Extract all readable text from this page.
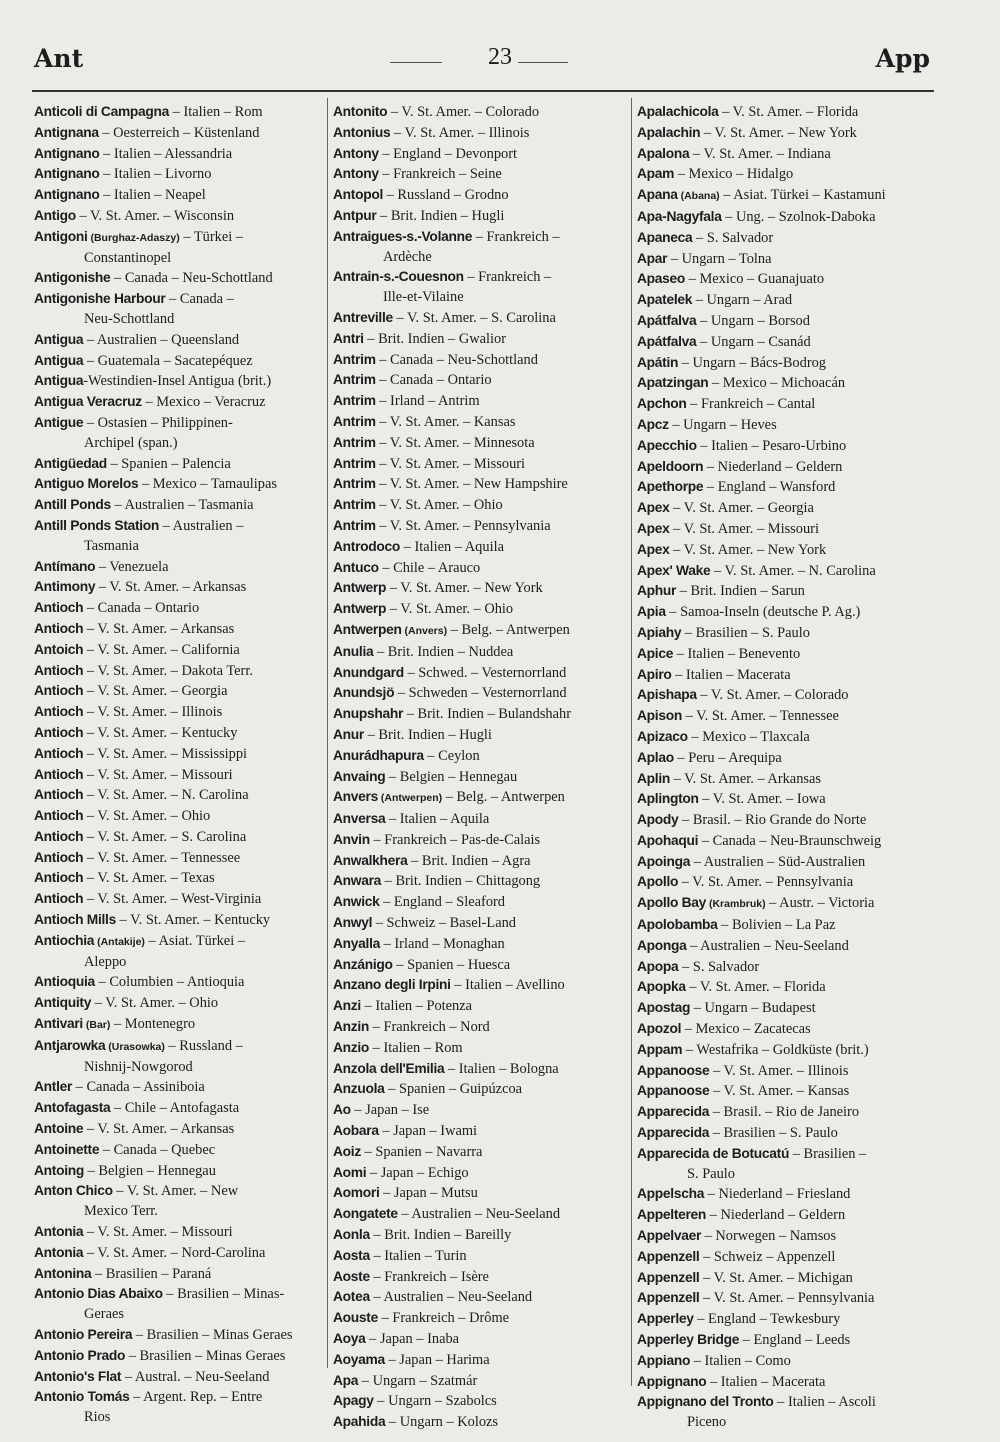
Ant	23	App
Anticoli di Campagna – Italien – Rom
Antignana – Oesterreich – Küstenland
Antignano – Italien – Alessandria
Antignano – Italien – Livorno
Antignano – Italien – Neapel
Antigo – V. St. Amer. – Wisconsin
Antigoni (Burghaz-Adaszy) – Türkei –
Constantinopel
Antigonishe – Canada – Neu-Schottland
Antigonishe Harbour – Canada –
Neu-Schottland
Antigua – Australien – Queensland
Antigua – Guatemala – Sacatepéquez
Antigua-Westindien-Insel Antigua (brit.)
Antigua Veracruz – Mexico – Veracruz
Antigue – Ostasien – Philippinen-
Archipel (span.)
Antigüedad – Spanien – Palencia
Antiguo Morelos – Mexico – Tamaulipas
Antill Ponds – Australien – Tasmania
Antill Ponds Station – Australien –
Tasmania
Antímano – Venezuela
Antimony – V. St. Amer. – Arkansas
Antioch – Canada – Ontario
Antioch – V. St. Amer. – Arkansas
Antoich – V. St. Amer. – California
Antioch – V. St. Amer. – Dakota Terr.
Antioch – V. St. Amer. – Georgia
Antioch – V. St. Amer. – Illinois
Antioch – V. St. Amer. – Kentucky
Antioch – V. St. Amer. – Mississippi
Antioch – V. St. Amer. – Missouri
Antioch – V. St. Amer. – N. Carolina
Antioch – V. St. Amer. – Ohio
Antioch – V. St. Amer. – S. Carolina
Antioch – V. St. Amer. – Tennessee
Antioch – V. St. Amer. – Texas
Antioch – V. St. Amer. – West-Virginia
Antioch Mills – V. St. Amer. – Kentucky
Antiochia (Antakije) – Asiat. Türkei –
Aleppo
Antioquia – Columbien – Antioquia
Antiquity – V. St. Amer. – Ohio
Antivari (Bar) – Montenegro
Antjarowka (Urasowka) – Russland –
Nishnij-Nowgorod
Antler – Canada – Assiniboia
Antofagasta – Chile – Antofagasta
Antoine – V. St. Amer. – Arkansas
Antoinette – Canada – Quebec
Antoing – Belgien – Hennegau
Anton Chico – V. St. Amer. – New
Mexico Terr.
Antonia – V. St. Amer. – Missouri
Antonia – V. St. Amer. – Nord-Carolina
Antonina – Brasilien – Paraná
Antonio Dias Abaixo – Brasilien – Minas-
Geraes
Antonio Pereira – Brasilien – Minas Geraes
Antonio Prado – Brasilien – Minas Geraes
Antonio's Flat – Austral. – Neu-Seeland
Antonio Tomás – Argent. Rep. – Entre
Rios
Antonito – V. St. Amer. – Colorado
Antonius – V. St. Amer. – Illinois
Antony – England – Devonport
Antony – Frankreich – Seine
Antopol – Russland – Grodno
Antpur – Brit. Indien – Hugli
Antraigues-s.-Volanne – Frankreich –
Ardèche
Antrain-s.-Couesnon – Frankreich –
Ille-et-Vilaine
Antreville – V. St. Amer. – S. Carolina
Antri – Brit. Indien – Gwalior
Antrim – Canada – Neu-Schottland
Antrim – Canada – Ontario
Antrim – Irland – Antrim
Antrim – V. St. Amer. – Kansas
Antrim – V. St. Amer. – Minnesota
Antrim – V. St. Amer. – Missouri
Antrim – V. St. Amer. – New Hampshire
Antrim – V. St. Amer. – Ohio
Antrim – V. St. Amer. – Pennsylvania
Antrodoco – Italien – Aquila
Antuco – Chile – Arauco
Antwerp – V. St. Amer. – New York
Antwerp – V. St. Amer. – Ohio
Antwerpen (Anvers) – Belg. – Antwerpen
Anulia – Brit. Indien – Nuddea
Anundgard – Schwed. – Vesternorrland
Anundsjö – Schweden – Vesternorrland
Anupshahr – Brit. Indien – Bulandshahr
Anur – Brit. Indien – Hugli
Anurádhapura – Ceylon
Anvaing – Belgien – Hennegau
Anvers (Antwerpen) – Belg. – Antwerpen
Anversa – Italien – Aquila
Anvin – Frankreich – Pas-de-Calais
Anwalkhera – Brit. Indien – Agra
Anwara – Brit. Indien – Chittagong
Anwick – England – Sleaford
Anwyl – Schweiz – Basel-Land
Anyalla – Irland – Monaghan
Anzánigo – Spanien – Huesca
Anzano degli Irpini – Italien – Avellino
Anzi – Italien – Potenza
Anzin – Frankreich – Nord
Anzio – Italien – Rom
Anzola dell'Emilia – Italien – Bologna
Anzuola – Spanien – Guipúzcoa
Ao – Japan – Ise
Aobara – Japan – Iwami
Aoiz – Spanien – Navarra
Aomi – Japan – Echigo
Aomori – Japan – Mutsu
Aongatete – Australien – Neu-Seeland
Aonla – Brit. Indien – Bareilly
Aosta – Italien – Turin
Aoste – Frankreich – Isère
Aotea – Australien – Neu-Seeland
Aouste – Frankreich – Drôme
Aoya – Japan – Inaba
Aoyama – Japan – Harima
Apa – Ungarn – Szatmár
Apagy – Ungarn – Szabolcs
Apahida – Ungarn – Kolozs
Apalachicola – V. St. Amer. – Florida
Apalachin – V. St. Amer. – New York
Apalona – V. St. Amer. – Indiana
Apam – Mexico – Hidalgo
Apana (Abana) – Asiat. Türkei – Kastamuni
Apa-Nagyfala – Ung. – Szolnok-Daboka
Apaneca – S. Salvador
Apar – Ungarn – Tolna
Apaseo – Mexico – Guanajuato
Apatelek – Ungarn – Arad
Apátfalva – Ungarn – Borsod
Apátfalva – Ungarn – Csanád
Apátin – Ungarn – Bács-Bodrog
Apatzingan – Mexico – Michoacán
Apchon – Frankreich – Cantal
Apcz – Ungarn – Heves
Apecchio – Italien – Pesaro-Urbino
Apeldoorn – Niederland – Geldern
Apethorpe – England – Wansford
Apex – V. St. Amer. – Georgia
Apex – V. St. Amer. – Missouri
Apex – V. St. Amer. – New York
Apex' Wake – V. St. Amer. – N. Carolina
Aphur – Brit. Indien – Sarun
Apia – Samoa-Inseln (deutsche P. Ag.)
Apiahy – Brasilien – S. Paulo
Apice – Italien – Benevento
Apiro – Italien – Macerata
Apishapa – V. St. Amer. – Colorado
Apison – V. St. Amer. – Tennessee
Apizaco – Mexico – Tlaxcala
Aplao – Peru – Arequipa
Aplin – V. St. Amer. – Arkansas
Aplington – V. St. Amer. – Iowa
Apody – Brasil. – Rio Grande do Norte
Apohaqui – Canada – Neu-Braunschweig
Apoinga – Australien – Süd-Australien
Apollo – V. St. Amer. – Pennsylvania
Apollo Bay (Krambruk) – Austr. – Victoria
Apolobamba – Bolivien – La Paz
Aponga – Australien – Neu-Seeland
Apopa – S. Salvador
Apopka – V. St. Amer. – Florida
Apostag – Ungarn – Budapest
Apozol – Mexico – Zacatecas
Appam – Westafrika – Goldküste (brit.)
Appanoose – V. St. Amer. – Illinois
Appanoose – V. St. Amer. – Kansas
Apparecida – Brasil. – Rio de Janeiro
Apparecida – Brasilien – S. Paulo
Apparecida de Botucatú – Brasilien –
S. Paulo
Appelscha – Niederland – Friesland
Appelteren – Niederland – Geldern
Appelvaer – Norwegen – Namsos
Appenzell – Schweiz – Appenzell
Appenzell – V. St. Amer. – Michigan
Appenzell – V. St. Amer. – Pennsylvania
Apperley – England – Tewkesbury
Apperley Bridge – England – Leeds
Appiano – Italien – Como
Appignano – Italien – Macerata
Appignano del Tronto – Italien – Ascoli
Piceno
